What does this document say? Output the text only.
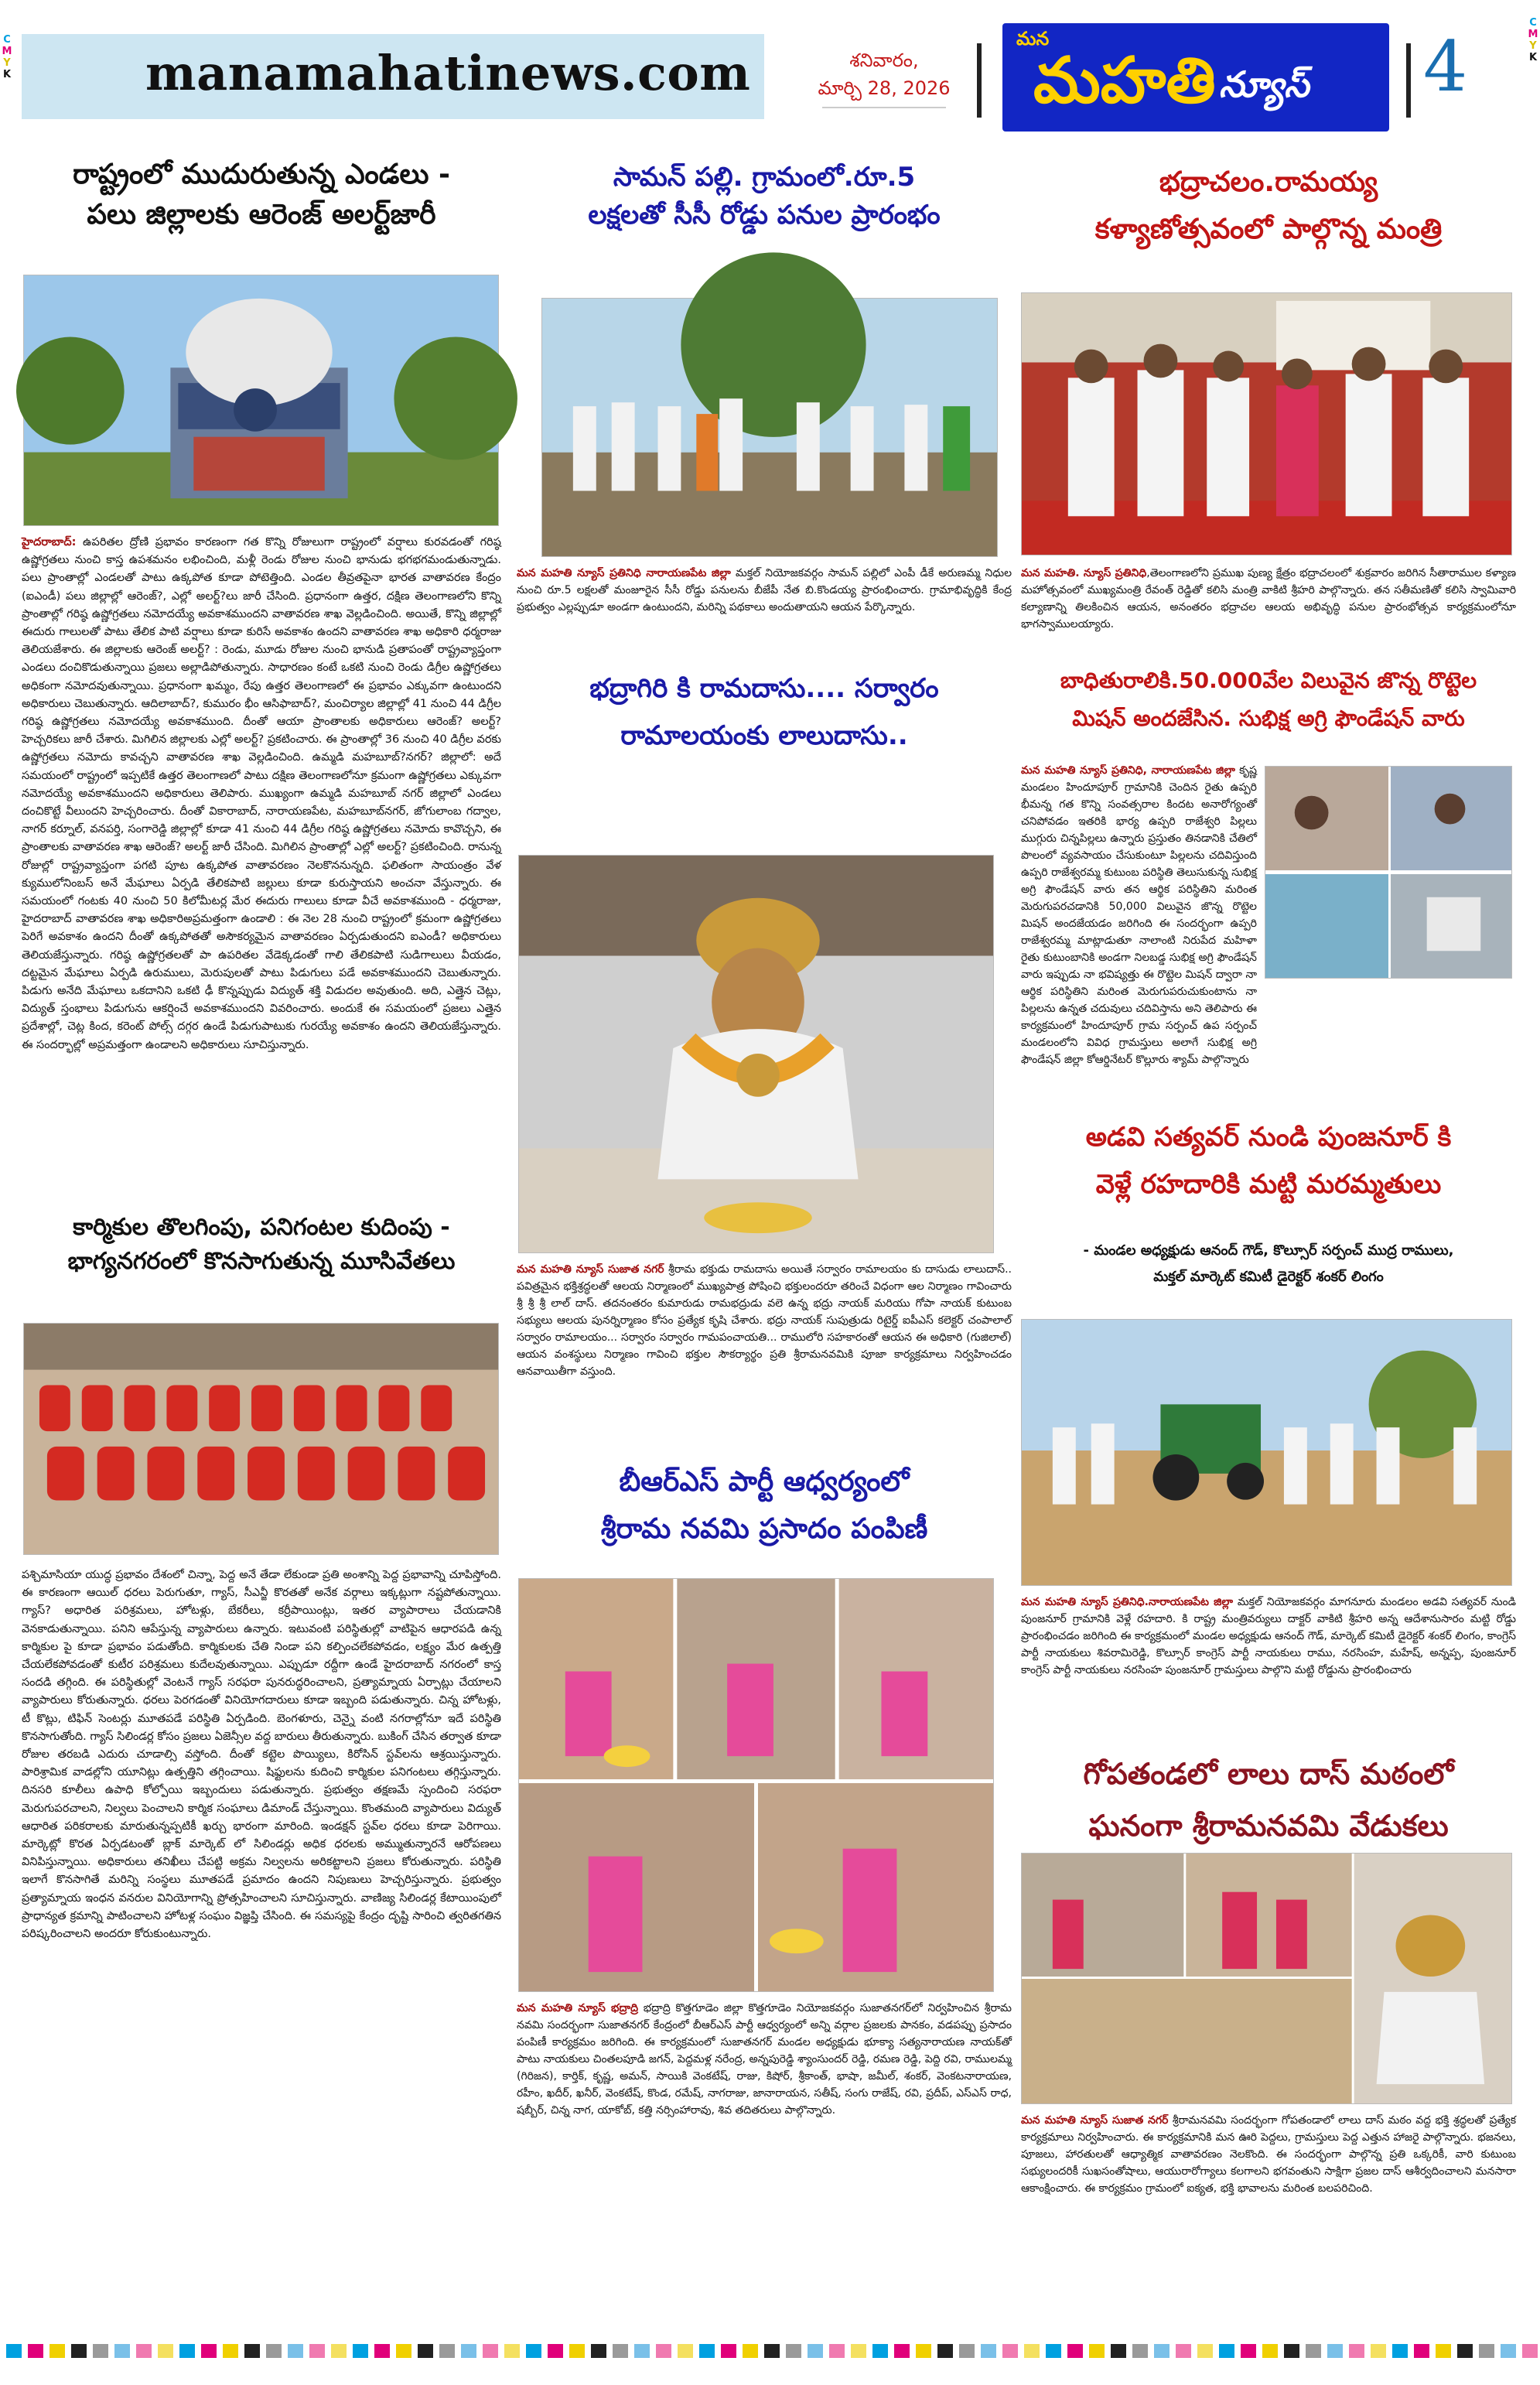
manamahatinews.com	శనివారం,
మార్చి 28, 2026
మన
మహతి న్యూస్ 4
C
M
Y
K
C
M
Y
K
రాష్ట్రంలో ముదురుతున్న ఎండలు -
పలు జిల్లాలకు ఆరెంజ్ అలర్ట్‌జారీ
హైదరాబాద్: ఉపరితల ద్రోణి ప్రభావం కారణంగా గత కొన్ని రోజులుగా రాష్ట్రంలో వర్షాలు కురవడంతో గరిష్ఠ ఉష్ణోగ్రతలు నుంచి కాస్త ఉపశమనం లభించింది, మళ్లీ రెండు రోజుల నుంచి భానుడు భగభగమండుతున్నాడు. పలు ప్రాంతాల్లో ఎండలతో పాటు ఉక్కపోత కూడా పోటెత్తింది. ఎండల తీవ్రతపైనా భారత వాతావరణ కేంద్రం (ఐఎండీ) పలు జిల్లాల్లో ఆరెంజ్?, ఎల్లో అలర్ట్?లు జారీ చేసింది. ప్రధానంగా ఉత్తర, దక్షిణ తెలంగాణలోని కొన్ని ప్రాంతాల్లో గరిష్ఠ ఉష్ణోగ్రతలు నమోదయ్యే అవకాశముందని వాతావరణ శాఖ వెల్లడించింది. అయితే, కొన్ని జిల్లాల్లో ఈదురు గాలులతో పాటు తేలిక పాటి వర్షాలు కూడా కురిసే అవకాశం ఉందని వాతావరణ శాఖ అధికారి ధర్మరాజు తెలియజేశారు. ఈ జిల్లాలకు ఆరెంజ్ అలర్ట్? : రెండు, మూడు రోజుల నుంచి భానుడి ప్రతాపంతో రాష్ట్రవ్యాప్తంగా ఎండలు దంచికొడుతున్నాయి ప్రజలు అల్లాడిపోతున్నారు. సాధారణం కంటే ఒకటి నుంచి రెండు డిగ్రీల ఉష్ణోగ్రతలు అధికంగా నమోదవుతున్నాయి. ప్రధానంగా ఖమ్మం, రేపు ఉత్తర తెలంగాణలో ఈ ప్రభావం ఎక్కువగా ఉంటుందని అధికారులు చెబుతున్నారు. ఆదిలాబాద్?, కుమురం భీం ఆసిఫాబాద్?, మంచిర్యాల జిల్లాల్లో 41 నుంచి 44 డిగ్రీల గరిష్ఠ ఉష్ణోగ్రతలు నమోదయ్యే అవకాశముంది. దీంతో ఆయా ప్రాంతాలకు అధికారులు ఆరెంజ్? అలర్ట్? హెచ్చరికలు జారీ చేశారు. మిగిలిన జిల్లాలకు ఎల్లో అలర్ట్? ప్రకటించారు. ఈ ప్రాంతాల్లో 36 నుంచి 40 డిగ్రీల వరకు ఉష్ణోగ్రతలు నమోదు కావచ్చని వాతావరణ శాఖ వెల్లడించింది. ఉమ్మడి మహబూబ్?నగర్? జిల్లాలో: అదే సమయంలో రాష్ట్రంలో ఇప్పటికే ఉత్తర తెలంగాణలో పాటు దక్షిణ తెలంగాణలోనూ క్రమంగా ఉష్ణోగ్రతలు ఎక్కువగా నమోదయ్యే అవకాశముందని అధికారులు తెలిపారు. ముఖ్యంగా ఉమ్మడి మహబూబ్ నగర్ జిల్లాలో ఎండలు దంచికొట్టే వీలుందని హెచ్చరించారు. దీంతో వికారాబాద్, నారాయణపేట, మహబూబ్‌నగర్, జోగులాంబ గద్వాల, నాగర్ కర్నూల్, వనపర్తి, సంగారెడ్డి జిల్లాల్లో కూడా 41 నుంచి 44 డిగ్రీల గరిష్ఠ ఉష్ణోగ్రతలు నమోదు కావొచ్చని, ఈ ప్రాంతాలకు వాతావరణ శాఖ ఆరెంజ్? అలర్ట్ జారీ చేసింది. మిగిలిన ప్రాంతాల్లో ఎల్లో అలర్ట్? ప్రకటించింది. రానున్న రోజుల్లో రాష్ట్రవ్యాప్తంగా పగటి పూట ఉక్కపోత వాతావరణం నెలకొననున్నది. ఫలితంగా సాయంత్రం వేళ క్యుములోనింబస్ అనే మేఘాలు ఏర్పడి తేలికపాటి జల్లులు కూడా కురుస్తాయని అంచనా వేస్తున్నారు. ఈ సమయంలో గంటకు 40 నుంచి 50 కిలోమీటర్ల మేర ఈదురు గాలులు కూడా వీచే అవకాశముంది - ధర్మరాజు, హైదరాబాద్ వాతావరణ శాఖ అధికారిఅప్రమత్తంగా ఉండాలి : ఈ నెల 28 నుంచి రాష్ట్రంలో క్రమంగా ఉష్ణోగ్రతలు పెరిగే అవకాశం ఉందని దీంతో ఉక్కపోతతో అసౌకర్యమైన వాతావరణం ఏర్పడుతుందని ఐఎండీ? అధికారులు తెలియజేస్తున్నారు. గరిష్ఠ ఉష్ణోగ్రతలతో పా ఉపరితల వేడెక్కడంతో గాలి తేలికపాటి సుడిగాలులు వీయడం, దట్టమైన మేఘాలు ఏర్పడి ఉరుములు, మెరుపులతో పాటు పిడుగులు పడే అవకాశముందని చెబుతున్నారు. పిడుగు అనేది మేఘాలు ఒకదానిని ఒకటి ఢీ కొన్నప్పుడు విద్యుత్ శక్తి విడుదల అవుతుంది. అది, ఎత్తైన చెట్లు, విద్యుత్ స్తంభాలు పిడుగును ఆకర్షించే అవకాశముందని వివరించారు. అందుకే ఈ సమయంలో ప్రజలు ఎత్తైన ప్రదేశాల్లో, చెట్ల కింద, కరెంట్ పోల్స్ దగ్గర ఉండే పిడుగుపాటుకు గురయ్యే అవకాశం ఉందని తెలియజేస్తున్నారు. ఈ సందర్భాల్లో అప్రమత్తంగా ఉండాలని అధికారులు సూచిస్తున్నారు.
కార్మికుల తొలగింపు, పనిగంటల కుదింపు -
భాగ్యనగరంలో కొనసాగుతున్న మూసివేతలు
పశ్చిమాసియా యుద్ధ ప్రభావం దేశంలో చిన్నా, పెద్ద అనే తేడా లేకుండా ప్రతి అంశాన్ని పెద్ద ప్రభావాన్ని చూపిస్తోంది. ఈ కారణంగా ఆయిల్ ధరలు పెరుగుతూ, గ్యాస్, సీఎన్జీ కొరతతో అనేక వర్గాలు ఇక్కట్లుగా నష్టపోతున్నాయి. గ్యాస్? అధారిత పరిశ్రమలు, హోటళ్లు, బేకరీలు, కర్రీపాయింట్లు, ఇతర వ్యాపారాలు చేయడానికి వెనకాడుతున్నాయి. పనిని ఆపేస్తున్న వ్యాపారులు ఉన్నారు. ఇటువంటి పరిస్థితుల్లో వాటిపైన ఆధారపడి ఉన్న కార్మికుల పై కూడా ప్రభావం పడుతోంది. కార్మికులకు చేతి నిండా పని కల్పించలేకపోవడం, లక్ష్యం మేర ఉత్పత్తి చేయలేకపోవడంతో కుటీర పరిశ్రమలు కుదేలవుతున్నాయి. ఎప్పుడూ రద్దీగా ఉండే హైదరాబాద్ నగరంలో కాస్త సందడి తగ్గింది. ఈ పరిస్థితుల్లో వెంటనే గ్యాస్ సరఫరా పునరుద్ధరించాలని, ప్రత్యామ్నాయ ఏర్పాట్లు చేయాలని వ్యాపారులు కోరుతున్నారు. ధరలు పెరగడంతో వినియోగదారులు కూడా ఇబ్బంది పడుతున్నారు. చిన్న హోటళ్లు, టీ కొట్లు, టిఫిన్ సెంటర్లు మూతపడే పరిస్థితి ఏర్పడింది. బెంగళూరు, చెన్నై వంటి నగరాల్లోనూ ఇదే పరిస్థితి కొనసాగుతోంది. గ్యాస్ సిలిండర్ల కోసం ప్రజలు ఏజెన్సీల వద్ద బారులు తీరుతున్నారు. బుకింగ్ చేసిన తర్వాత కూడా రోజుల తరబడి ఎదురు చూడాల్సి వస్తోంది. దీంతో కట్టెల పొయ్యిలు, కిరోసిన్ స్టవ్‌లను ఆశ్రయిస్తున్నారు. పారిశ్రామిక వాడల్లోని యూనిట్లు ఉత్పత్తిని తగ్గించాయి. షిఫ్టులను కుదించి కార్మికుల పనిగంటలు తగ్గిస్తున్నారు. దినసరి కూలీలు ఉపాధి కోల్పోయి ఇబ్బందులు పడుతున్నారు. ప్రభుత్వం తక్షణమే స్పందించి సరఫరా మెరుగుపరచాలని, నిల్వలు పెంచాలని కార్మిక సంఘాలు డిమాండ్ చేస్తున్నాయి. కొంతమంది వ్యాపారులు విద్యుత్ ఆధారిత పరికరాలకు మారుతున్నప్పటికీ ఖర్చు భారంగా మారింది. ఇండక్షన్ స్టవ్‌ల ధరలు కూడా పెరిగాయి. మార్కెట్లో కొరత ఏర్పడటంతో బ్లాక్ మార్కెట్ లో సిలిండర్లు అధిక ధరలకు అమ్ముతున్నారనే ఆరోపణలు వినిపిస్తున్నాయి. అధికారులు తనిఖీలు చేపట్టి అక్రమ నిల్వలను అరికట్టాలని ప్రజలు కోరుతున్నారు. పరిస్థితి ఇలాగే కొనసాగితే మరిన్ని సంస్థలు మూతపడే ప్రమాదం ఉందని నిపుణులు హెచ్చరిస్తున్నారు. ప్రభుత్వం ప్రత్యామ్నాయ ఇంధన వనరుల వినియోగాన్ని ప్రోత్సహించాలని సూచిస్తున్నారు. వాణిజ్య సిలిండర్ల కేటాయింపులో ప్రాధాన్యత క్రమాన్ని పాటించాలని హోటళ్ల సంఘం విజ్ఞప్తి చేసింది. ఈ సమస్యపై కేంద్రం దృష్టి సారించి త్వరితగతిన పరిష్కరించాలని అందరూ కోరుకుంటున్నారు.
సామన్ పల్లి. గ్రామంలో.రూ.5
లక్షలతో సీసీ రోడ్డు పనుల ప్రారంభం
మన మహతి న్యూస్ ప్రతినిధి నారాయణపేట జిల్లా మక్తల్ నియోజకవర్గం సామన్ పల్లిలో ఎంపీ డీకే అరుణమ్మ నిధుల నుంచి రూ.5 లక్షలతో మంజూరైన సీసీ రోడ్డు పనులను బీజేపీ నేత బి.కొండయ్య ప్రారంభించారు. గ్రామాభివృద్ధికి కేంద్ర ప్రభుత్వం ఎల్లప్పుడూ అండగా ఉంటుందని, మరిన్ని పథకాలు అందుతాయని ఆయన పేర్కొన్నారు.
భద్రాగిరి కి రామదాసు.... సర్వారం
రామాలయంకు లాలుదాసు..
మన మహతి న్యూస్ సుజాత నగర్ శ్రీరామ భక్తుడు రామదాసు అయితే సర్వారం రామాలయం కు దాసుడు లాలుదాస్.. పవిత్రమైన భక్తిశ్రద్ధలతో ఆలయ నిర్మాణంలో ముఖ్యపాత్ర పోషించి భక్తులందరూ తరించే విధంగా ఆల నిర్మాణం గావించారు శ్రీ శ్రీ శ్రీ లాల్ దాస్. తదనంతరం కుమారుడు రామభద్రుడు వలె ఉన్న భద్రు నాయక్ మరియు గోపా నాయక్ కుటుంబ సభ్యులు ఆలయ పునర్నిర్మాణం కోసం ప్రత్యేక కృషి చేశారు. భద్రు నాయక్ సుపుత్రుడు రిటైర్డ్ ఐపీఎస్ కలెక్టర్ చంపాలాల్ సర్వారం రామాలయం... సర్వారం సర్వారం గామపంచాయతి... రాములోరి సహకారంతో ఆయన ఈ అధికారి (గుజిలాల్) ఆయన వంశస్థులు నిర్మాణం గావించి భక్తుల సౌకర్యార్థం ప్రతి శ్రీరామనవమికి పూజా కార్యక్రమాలు నిర్వహించడం ఆనవాయితీగా వస్తుంది.
బీఆర్ఎస్ పార్టీ ఆధ్వర్యంలో
శ్రీరామ నవమి ప్రసాదం పంపిణీ
మన మహతి న్యూస్ భద్రాద్రి భద్రాద్రి కొత్తగూడెం జిల్లా కొత్తగూడెం నియోజకవర్గం సుజాతనగర్‌లో నిర్వహించిన శ్రీరామ నవమి సందర్భంగా సుజాతనగర్ కేంద్రంలో బీఆర్ఎస్ పార్టీ ఆధ్వర్యంలో అన్ని వర్గాల ప్రజలకు పానకం, వడపప్పు ప్రసాదం పంపిణీ కార్యక్రమం జరిగింది. ఈ కార్యక్రమంలో సుజాతనగర్ మండల అధ్యక్షుడు భూక్యా సత్యనారాయణ నాయక్‌తో పాటు నాయకులు చింతలపూడి జగన్, పెద్దమళ్ల నరేంద్ర, అన్నపురెడ్డి శ్యాంసుందర్ రెడ్డి, రమణ రెడ్డి, పెద్ది రవి, రాములమ్మ (గిరిజన), కార్తిక్, కృష్ణ, అమన్, సాయికి వెంకటేష్, రాజు, కిషోర్, శ్రీకాంత్, భాషా, జమీల్, శంకర్, వెంకటనారాయణ, రహీం, ఖదీర్, ఖనీర్, వెంకటేష్, కొండ, రమేష్, నాగరాజు, జానారాయన, సతీష్, సంగు రాజేష్, రవి, ప్రదీప్, ఎస్ఎస్ రాధ, షబ్బీర్, చిన్న నాగ, యాకోబ్, కత్తి నర్సింహారావు, శివ తదితరులు పాల్గొన్నారు.
భద్రాచలం.రామయ్య
కళ్యాణోత్సవంలో పాల్గొన్న మంత్రి
మన మహతి. న్యూస్ ప్రతినిధి,తెలంగాణలోని ప్రముఖ పుణ్య క్షేత్రం భద్రాచలంలో శుక్రవారం జరిగిన సీతారాముల కళ్యాణ మహోత్సవంలో ముఖ్యమంత్రి రేవంత్ రెడ్డితో కలిసి మంత్రి వాకిటి శ్రీహరి పాల్గొన్నారు. తన సతీమణితో కలిసి స్వామివారి కల్యాణాన్ని తిలకించిన ఆయన, అనంతరం భద్రాచల ఆలయ అభివృద్ధి పనుల ప్రారంభోత్సవ కార్యక్రమంలోనూ భాగస్వాములయ్యారు.
బాధితురాలికి.50.000వేల విలువైన జొన్న రొట్టెల
మిషన్ అందజేసిన. సుభిక్ష అగ్రి ఫౌండేషన్ వారు
మన మహతి న్యూస్ ప్రతినిధి, నారాయణపేట జిల్లా కృష్ణ మండలం హిందూపూర్ గ్రామానికి చెందిన రైతు ఉప్పరి భీమన్న గత కొన్ని సంవత్సరాల కిందట అనారోగ్యంతో చనిపోవడం ఇతరికి భార్య ఉప్పరి రాజేశ్వరి పిల్లలు ముగ్గురు చిన్నపిల్లలు ఉన్నారు ప్రస్తుతం తినడానికి చేతిలో పొలంలో వ్యవసాయం చేసుకుంటూ పిల్లలను చదివిస్తుంది ఉప్పరి రాజేశ్వరమ్మ కుటుంబ పరిస్థితి తెలుసుకున్న సుభిక్ష అగ్రి ఫౌండేషన్ వారు తన ఆర్థిక పరిస్థితిని మరింత మెరుగుపరచడానికి 50,000 విలువైన జొన్న రొట్టెల మిషన్ అందజేయడం జరిగింది ఈ సందర్భంగా ఉప్పరి రాజేశ్వరమ్మ మాట్లాడుతూ నాలాంటి నిరుపేద మహిళా రైతు కుటుంబానికి అండగా నిలబడ్డ సుభిక్ష అగ్రి ఫౌండేషన్ వారు ఇప్పుడు నా భవిష్యత్తు ఈ రొట్టెల మిషన్ ద్వారా నా ఆర్థిక పరిస్థితిని మరింత మెరుగుపరుచుకుంటాను నా పిల్లలను ఉన్నత చదువులు చదివిస్తాను అని తెలిపారు ఈ కార్యక్రమంలో హిందూపూర్ గ్రామ సర్పంచ్ ఉప సర్పంచ్ మండలంలోని వివిధ గ్రామస్తులు అలాగే సుభిక్ష అగ్రి ఫౌండేషన్ జిల్లా కోఆర్డినేటర్ కొల్లూరు శ్యామ్ పాల్గొన్నారు
అడవి సత్యవర్ నుండి పుంజనూర్ కి
వెళ్లే రహదారికి మట్టి మరమ్మతులు
- మండల అధ్యక్షుడు ఆనంద్ గౌడ్, కొల్సూర్ సర్పంచ్ ముద్ర రాములు,
మక్తల్ మార్కెట్ కమిటీ డైరెక్టర్ శంకర్ లింగం
మన మహతి న్యూస్ ప్రతినిధి.నారాయణపేట జిల్లా మక్తల్ నియోజకవర్గం మాగనూరు మండలం అడవి సత్యవర్ నుండి పుంజనూర్ గ్రామానికి వెళ్లే రహదారి. కి రాష్ట్ర మంత్రివర్యులు దాక్టర్ వాకిటి శ్రీహరి అన్న ఆదేశానుసారం మట్టి రోడ్డు ప్రారంభించడం జరిగింది ఈ కార్యక్రమంలో మండల అధ్యక్షుడు ఆనంద్ గౌడ్, మార్కెట్ కమిటీ డైరెక్టర్ శంకర్ లింగం, కాంగ్రెస్ పార్టీ నాయకులు శివరామిరెడ్డి, కొల్సూర్ కాంగ్రెస్ పార్టీ నాయకులు రాము, నరసింహ, మహేష్, అన్నప్ప, పుంజనూర్ కాంగ్రెస్ పార్టీ నాయకులు నరసింహ పుంజనూర్ గ్రామస్తులు పాల్గొని మట్టి రోడ్డును ప్రారంభించారు
గోపతండలో లాలు దాస్ మఠంలో
ఘనంగా శ్రీరామనవమి వేడుకలు
మన మహతి న్యూస్ సుజాత నగర్ శ్రీరామనవమి సందర్భంగా గోపతండాలో లాలు దాస్ మఠం వద్ద భక్తి శ్రద్ధలతో ప్రత్యేక కార్యక్రమాలు నిర్వహించారు. ఈ కార్యక్రమానికి మన ఊరి పెద్దలు, గ్రామస్తులు పెద్ద ఎత్తున హాజరై పాల్గొన్నారు. భజనలు, పూజలు, హారతులతో ఆధ్యాత్మిక వాతావరణం నెలకొంది. ఈ సందర్భంగా పాల్గొన్న ప్రతి ఒక్కరికీ, వారి కుటుంబ సభ్యులందరికీ సుఖసంతోషాలు, ఆయురారోగ్యాలు కలగాలని భగవంతుని సాక్షిగా ప్రజల దాస్ ఆశీర్వదించాలని మనసారా ఆకాంక్షించారు. ఈ కార్యక్రమం గ్రామంలో ఐక్యత, భక్తి భావాలను మరింత బలపరిచింది.
